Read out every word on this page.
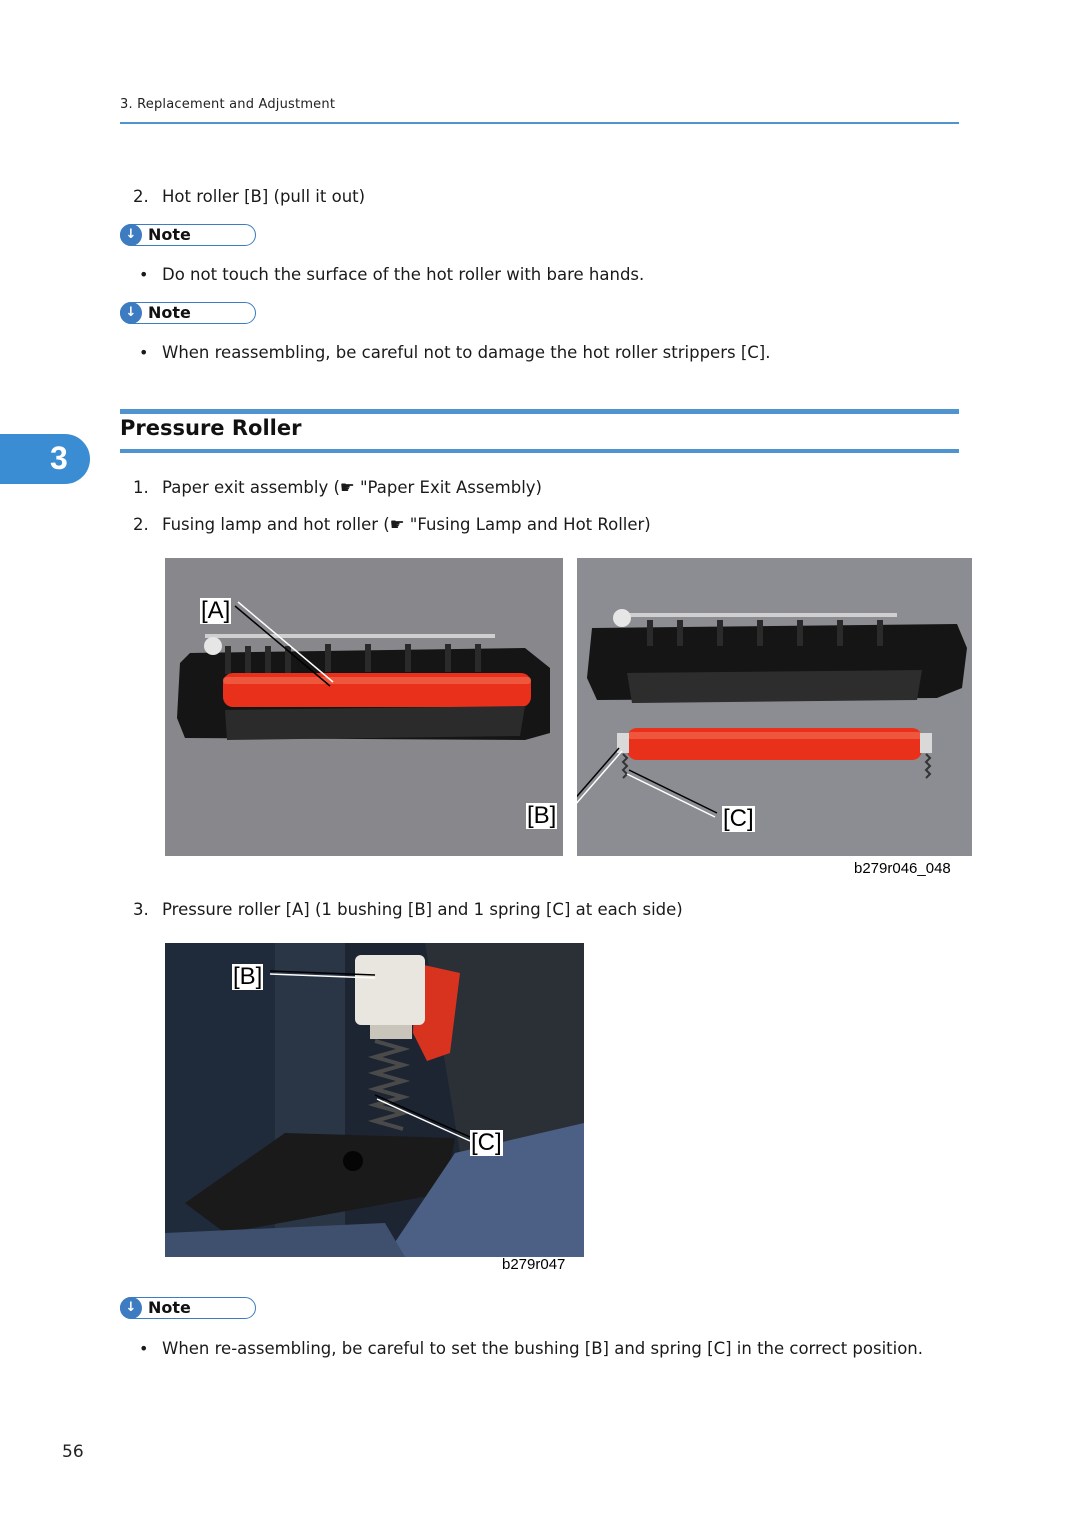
3. Replacement and Adjustment
2. Hot roller [B] (pull it out)
↓ Note
• Do not touch the surface of the hot roller with bare hands.
↓ Note
• When reassembling, be careful not to damage the hot roller strippers [C].
3
Pressure Roller
1. Paper exit assembly (☛ "Paper Exit Assembly)
2. Fusing lamp and hot roller (☛ "Fusing Lamp and Hot Roller)
[A]
[B]	[C]
b279r046_048
3. Pressure roller [A] (1 bushing [B] and 1 spring [C] at each side)
[B]
[C]
b279r047
↓ Note
• When re-assembling, be careful to set the bushing [B] and spring [C] in the correct position.
56
